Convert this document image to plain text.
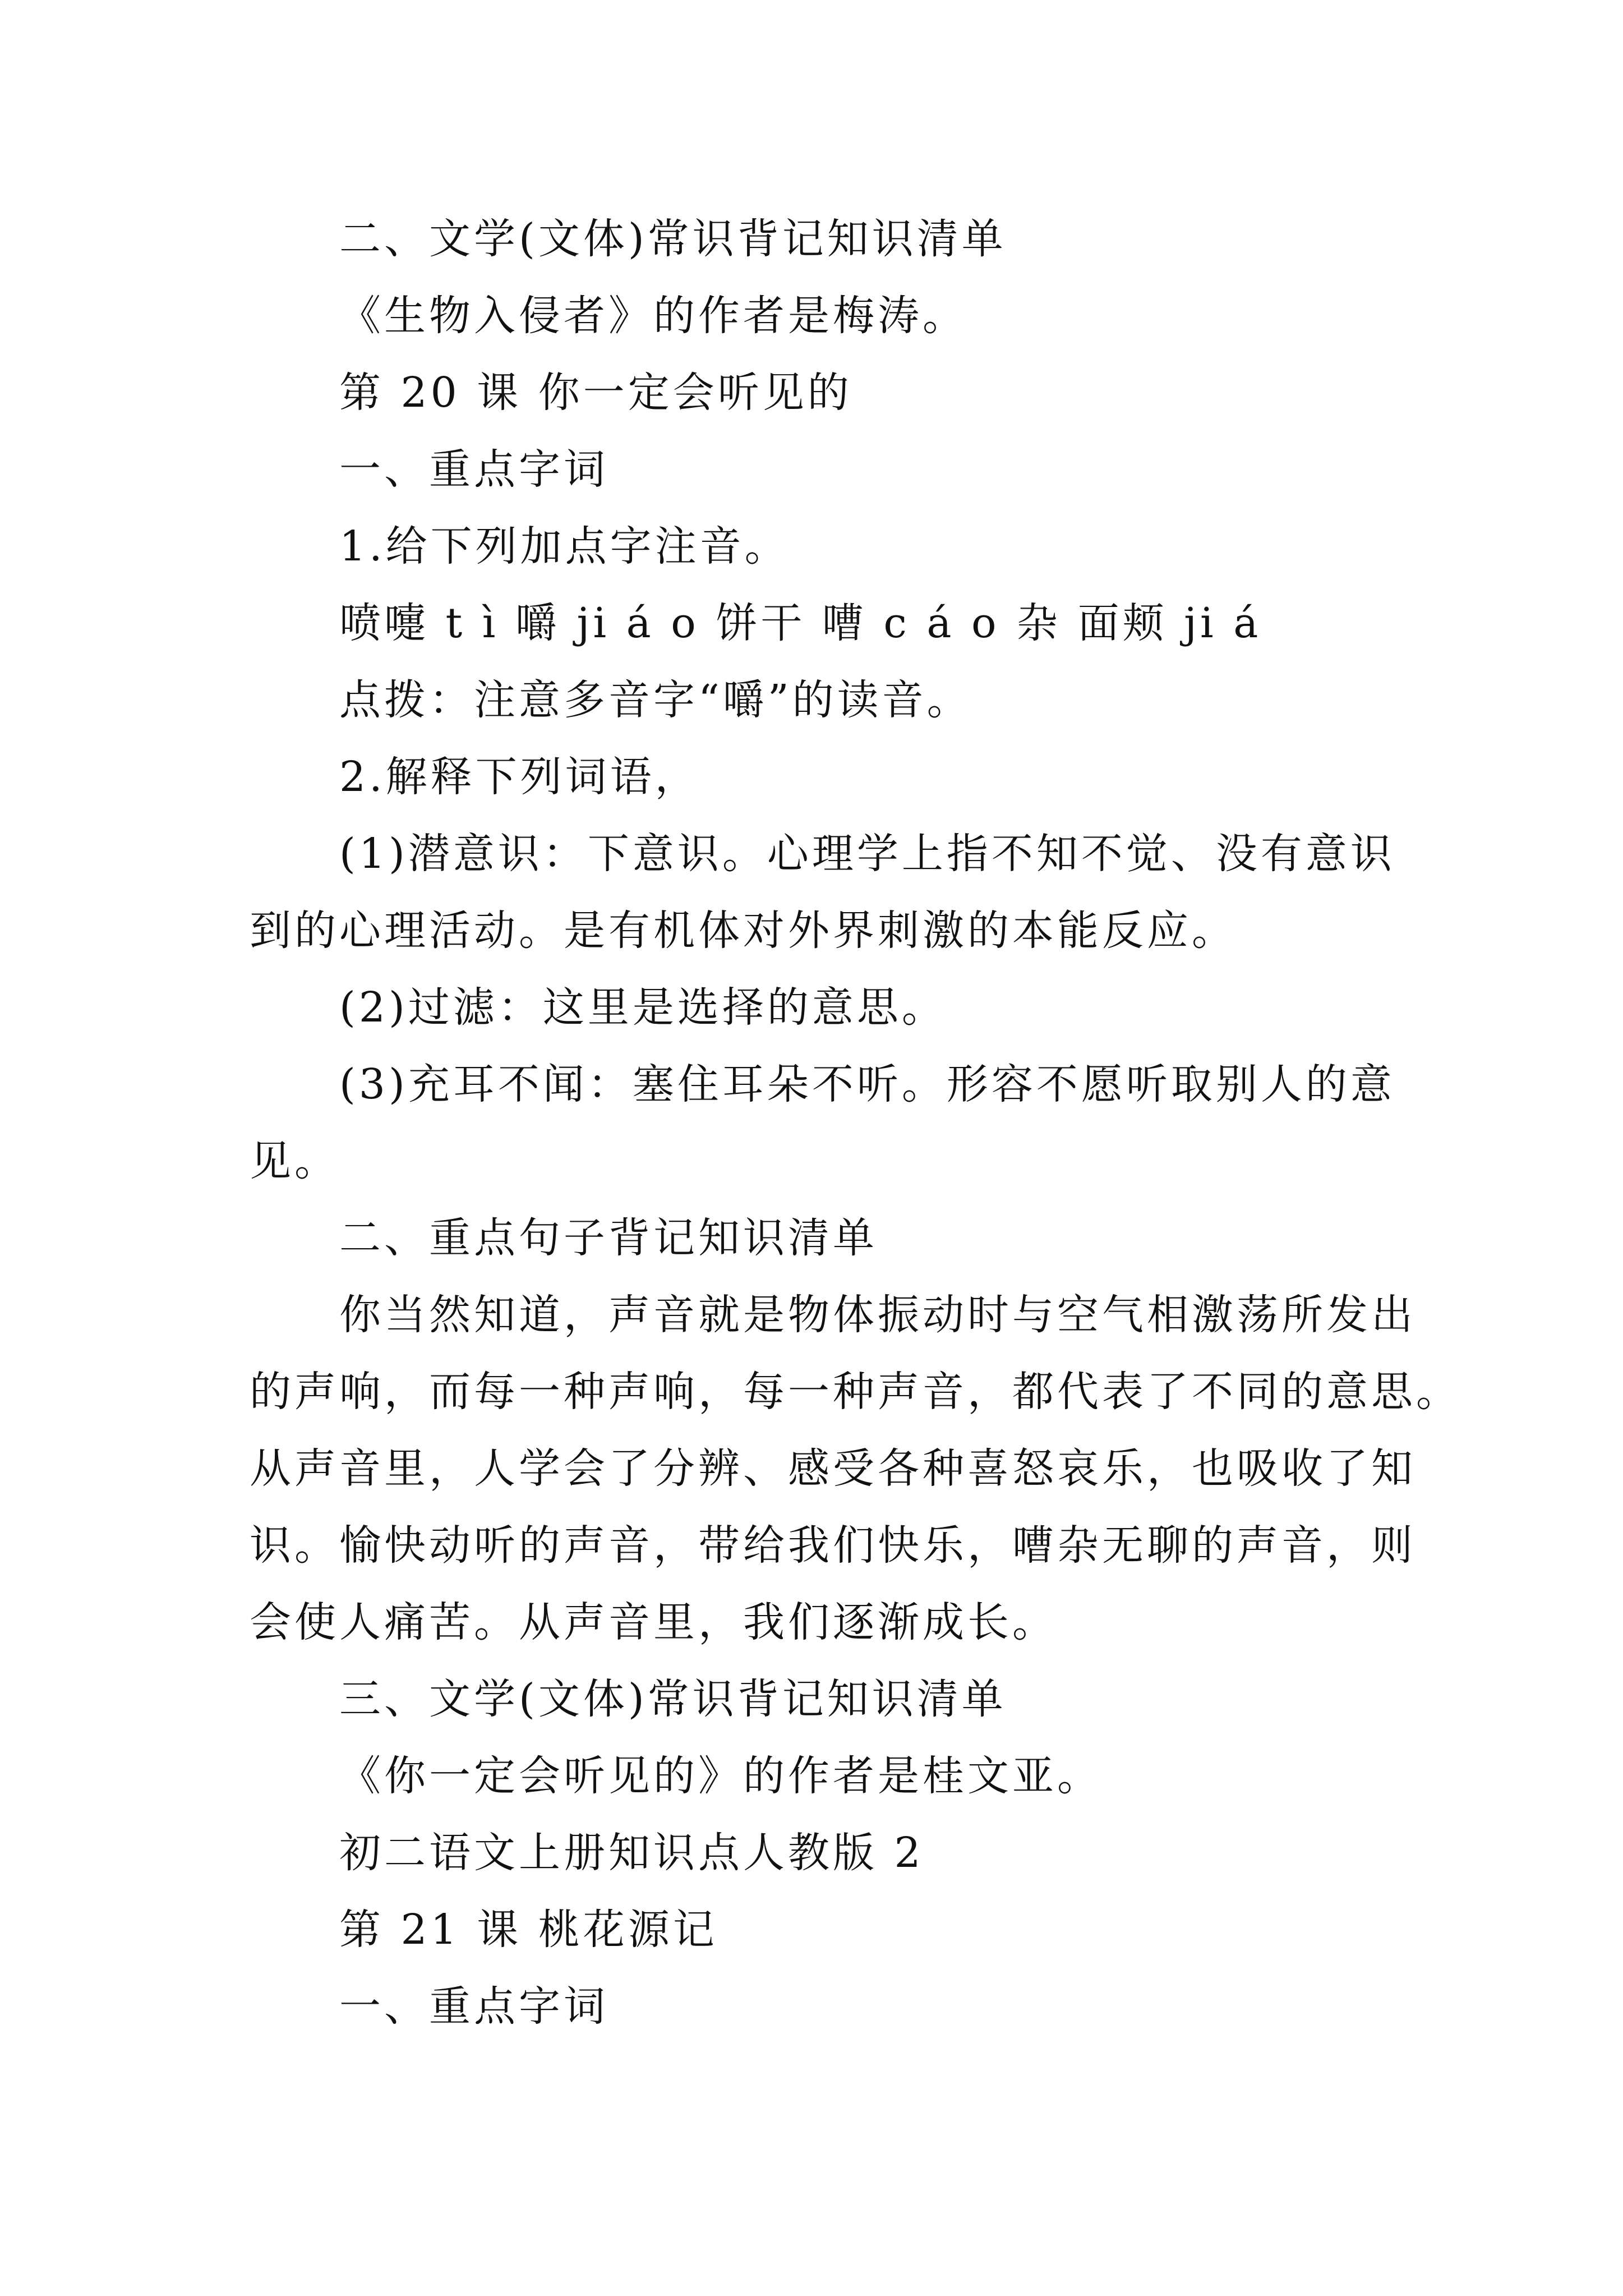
二、文学(文体)常识背记知识清单
《生物入侵者》的作者是梅涛。
第 20 课 你一定会听见的
一、重点字词
1.给下列加点字注音。
喷嚏 t ì 嚼 ji á o 饼干 嘈 c á o 杂 面颊 ji á
点拨：注意多音字“嚼”的读音。
2.解释下列词语，
(1)潜意识：下意识。心理学上指不知不觉、没有意识
到的心理活动。是有机体对外界刺激的本能反应。
(2)过滤：这里是选择的意思。
(3)充耳不闻：塞住耳朵不听。形容不愿听取别人的意
见。
二、重点句子背记知识清单
你当然知道，声音就是物体振动时与空气相激荡所发出
的声响，而每一种声响，每一种声音，都代表了不同的意思。
从声音里，人学会了分辨、感受各种喜怒哀乐，也吸收了知
识。愉快动听的声音，带给我们快乐，嘈杂无聊的声音，则
会使人痛苦。从声音里，我们逐渐成长。
三、文学(文体)常识背记知识清单
《你一定会听见的》的作者是桂文亚。
初二语文上册知识点人教版 2
第 21 课 桃花源记
一、重点字词
